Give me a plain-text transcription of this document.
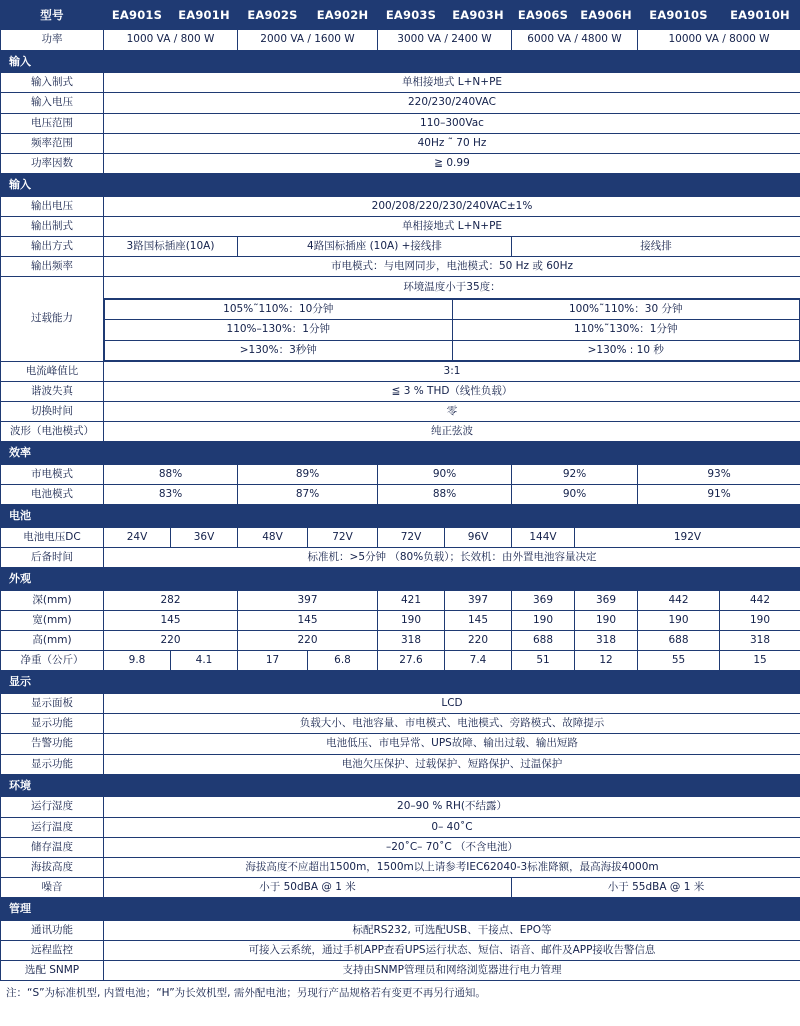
型号	EA901S	EA901H	EA902S	EA902H	EA903S	EA903H	EA906S	EA906H	EA9010S	EA9010H
功率	1000 VA / 800 W	2000 VA / 1600 W	3000 VA / 2400 W	6000 VA / 4800 W	10000 VA / 8000 W
输入
输入制式	单相接地式 L+N+PE
输入电压	220/230/240VAC
电压范围	110–300Vac
频率范围	40Hz ˜ 70 Hz
功率因数	≧ 0.99
输入
输出电压	200/208/220/230/240VAC±1%
输出制式	单相接地式 L+N+PE
输出方式	3路国标插座(10A)	4路国标插座 (10A) +接线排	接线排
输出频率	市电模式：与电网同步，电池模式：50 Hz 或 60Hz
过载能力	
环境温度小于35度：
105%˜110%：10分钟	100%˜110%：30 分钟
110%–130%：1分钟	110%˜130%：1分钟
>130%：3秒钟	>130% : 10 秒

电流峰值比	3:1
谐波失真	≦ 3 % THD（线性负载）
切换时间	零
波形（电池模式）	纯正弦波
效率
市电模式	88%	89%	90%	92%	93%
电池模式	83%	87%	88%	90%	91%
电池
电池电压DC	24V	36V	48V	72V	72V	96V	144V	192V
后备时间	标准机：>5分钟 （80%负载）；长效机：由外置电池容量决定
外观
深(mm)	282	397	421	397	369	369	442	442
宽(mm)	145	145	190	145	190	190	190	190
高(mm)	220	220	318	220	688	318	688	318
净重（公斤）	9.8	4.1	17	6.8	27.6	7.4	51	12	55	15
显示
显示面板	LCD
显示功能	负载大小、电池容量、市电模式、电池模式、旁路模式、故障提示
告警功能	电池低压、市电异常、UPS故障、输出过载、输出短路
显示功能	电池欠压保护、过载保护、短路保护、过温保护
环境
运行湿度	20–90 % RH(不结露）
运行温度	0– 40˚C
储存温度	–20˚C– 70˚C （不含电池）
海拔高度	海拔高度不应超出1500m，1500m以上请参考IEC62040-3标准降额，最高海拔4000m
噪音	小于 50dBA @ 1 米	小于 55dBA @ 1 米
管理
通讯功能	标配RS232, 可选配USB、干接点、EPO等
远程监控	可接入云系统，通过手机APP查看UPS运行状态、短信、语音、邮件及APP接收告警信息
选配 SNMP	支持由SNMP管理员和网络浏览器进行电力管理
注：“S”为标准机型, 内置电池；“H”为长效机型, 需外配电池；另现行产品规格若有变更不再另行通知。
